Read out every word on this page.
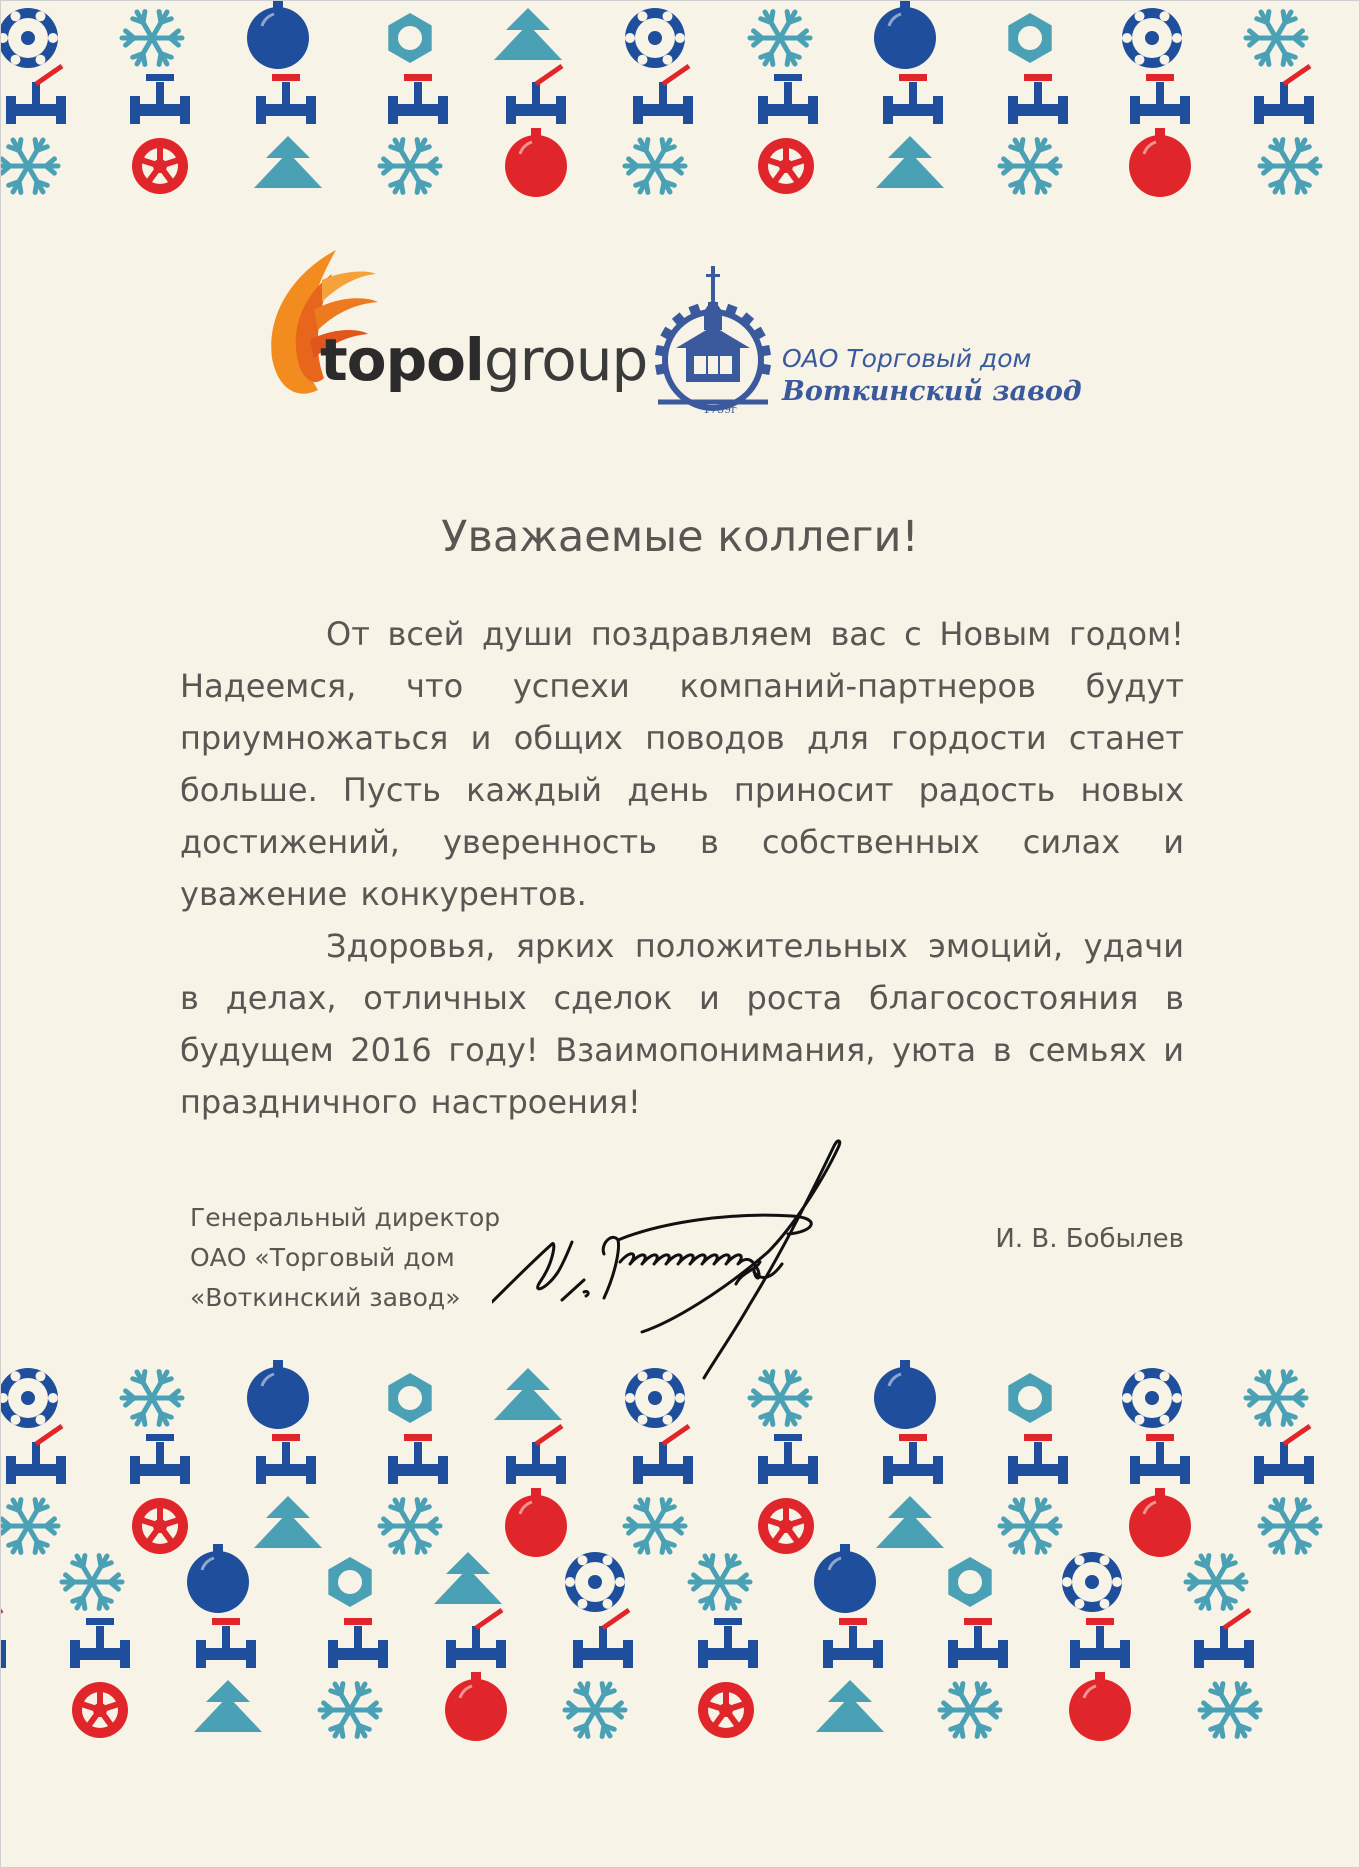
topolgroup
1759г
ОАО Торговый дом
Воткинский завод
Уважаемые коллеги!

От всей души поздравляем вас с Новым годом! Надеемся, что успехи компаний-партнеров будут приумножаться и общих поводов для гордости станет больше. Пусть каждый день приносит радость новых достижений, уверенность в собственных силах и уважение конкурентов.

Здоровья, ярких положительных эмоций, удачи в делах, отличных сделок и роста благосостояния в будущем 2016 году! Взаимопонимания, уюта в семьях и праздничного настроения!

Генеральный директор
ОАО «Торговый дом
«Воткинский завод»
И. В. Бобылев
